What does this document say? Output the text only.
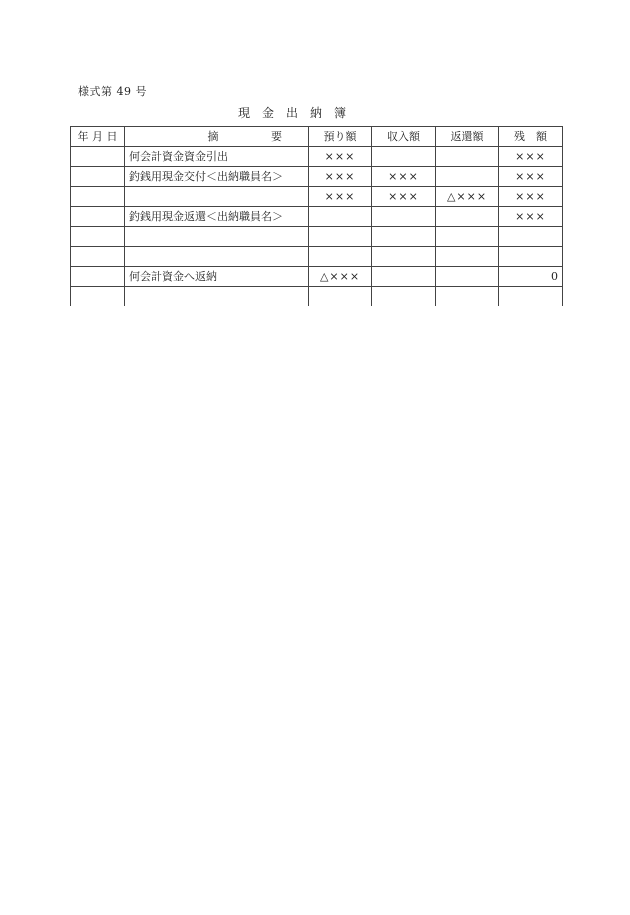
様式第 49 号
現　金　出　納　簿
年 月 日	摘 要	預り額	収入額	返還額	残　額
	何会計資金資金引出	×××			×××
	釣銭用現金交付＜出納職員名＞	×××	×××		×××
		×××	×××	△×××	×××
	釣銭用現金返還＜出納職員名＞				×××

	何会計資金へ返納	△×××			0
